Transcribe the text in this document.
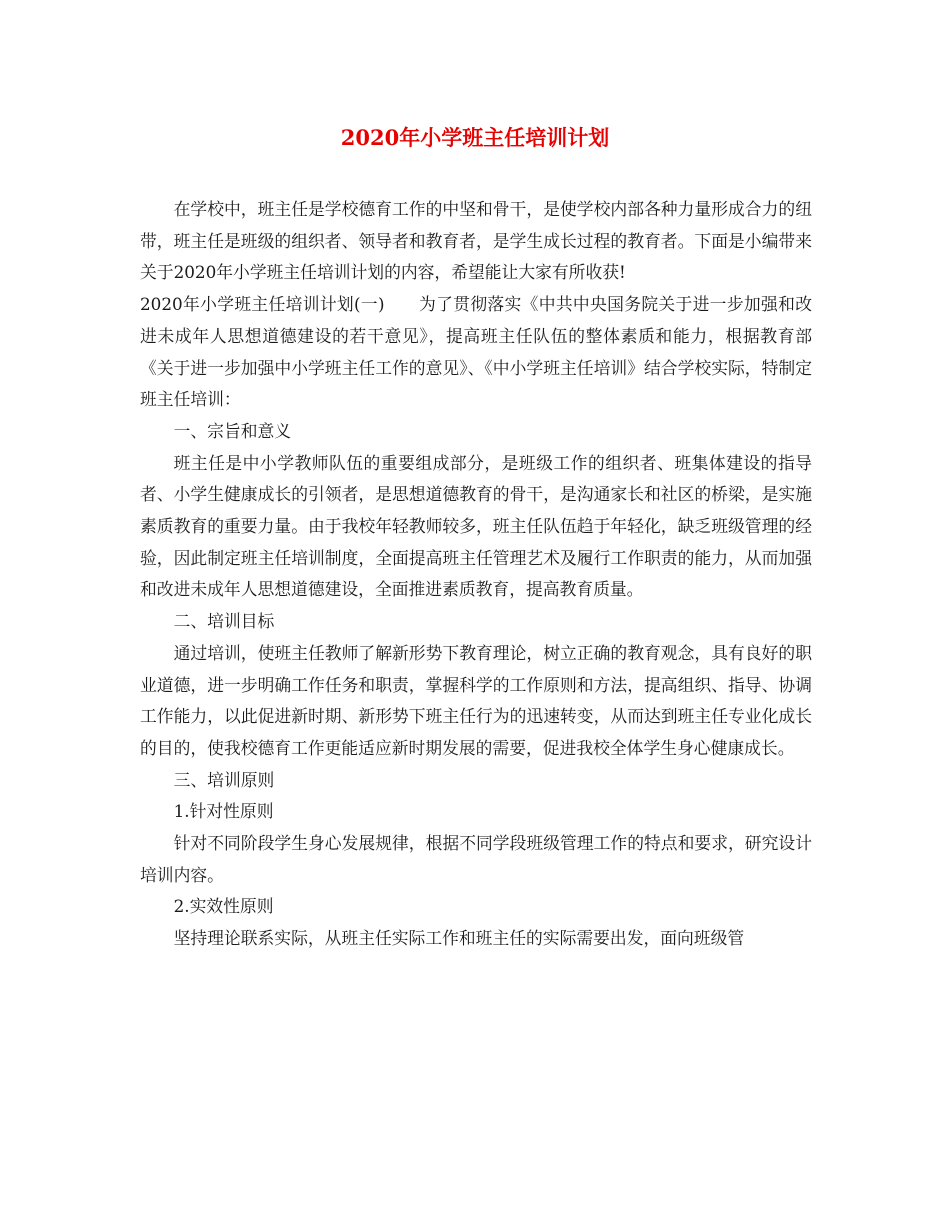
2020年小学班主任培训计划

在学校中，班主任是学校德育工作的中坚和骨干，是使学校内部各种力量形成合力的纽带，班主任是班级的组织者、领导者和教育者，是学生成长过程的教育者。下面是小编带来关于2020年小学班主任培训计划的内容，希望能让大家有所收获!

2020年小学班主任培训计划(一)　　为了贯彻落实《中共中央国务院关于进一步加强和改进未成年人思想道德建设的若干意见》，提高班主任队伍的整体素质和能力，根据教育部《关于进一步加强中小学班主任工作的意见》、《中小学班主任培训》结合学校实际，特制定班主任培训：

一、宗旨和意义

班主任是中小学教师队伍的重要组成部分，是班级工作的组织者、班集体建设的指导者、小学生健康成长的引领者，是思想道德教育的骨干，是沟通家长和社区的桥梁，是实施素质教育的重要力量。由于我校年轻教师较多，班主任队伍趋于年轻化，缺乏班级管理的经验，因此制定班主任培训制度，全面提高班主任管理艺术及履行工作职责的能力，从而加强和改进未成年人思想道德建设，全面推进素质教育，提高教育质量。

二、培训目标

通过培训，使班主任教师了解新形势下教育理论，树立正确的教育观念，具有良好的职业道德，进一步明确工作任务和职责，掌握科学的工作原则和方法，提高组织、指导、协调工作能力，以此促进新时期、新形势下班主任行为的迅速转变，从而达到班主任专业化成长的目的，使我校德育工作更能适应新时期发展的需要，促进我校全体学生身心健康成长。

三、培训原则

1.针对性原则

针对不同阶段学生身心发展规律，根据不同学段班级管理工作的特点和要求，研究设计培训内容。

2.实效性原则

坚持理论联系实际，从班主任实际工作和班主任的实际需要出发，面向班级管
